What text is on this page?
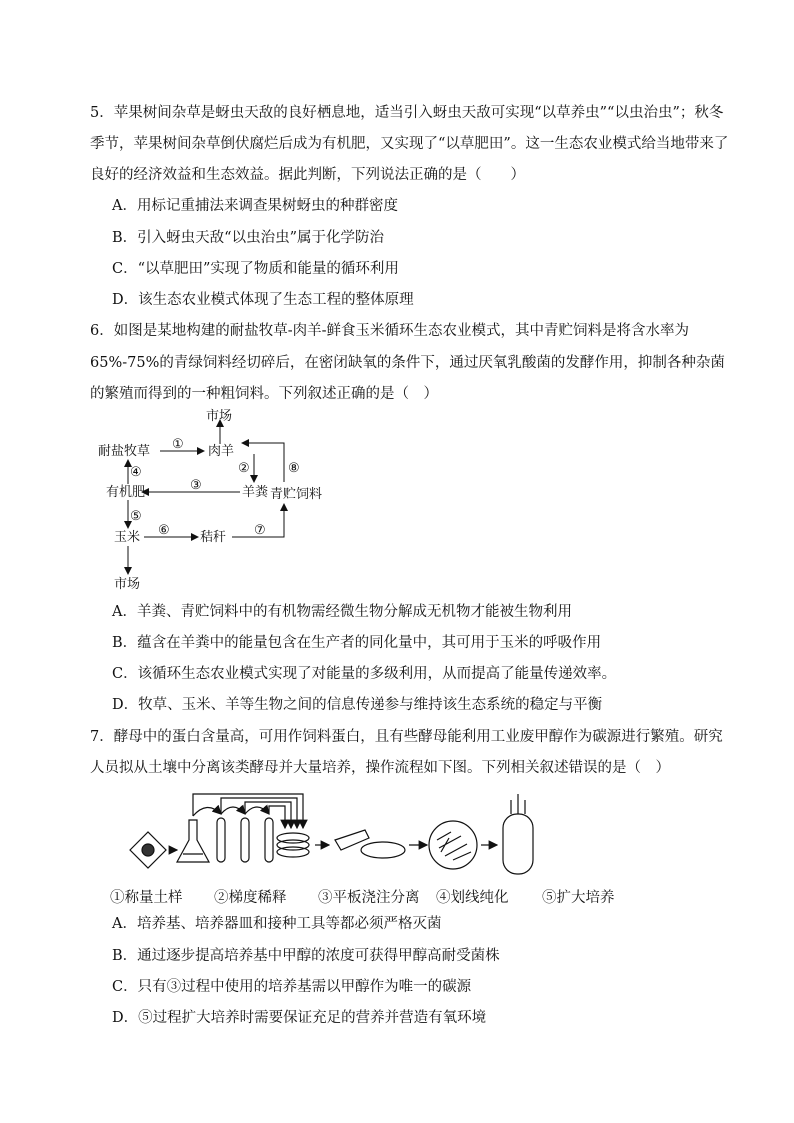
5．苹果树间杂草是蚜虫天敌的良好栖息地，适当引入蚜虫天敌可实现“以草养虫”“以虫治虫”；秋冬
季节，苹果树间杂草倒伏腐烂后成为有机肥，又实现了“以草肥田”。这一生态农业模式给当地带来了
良好的经济效益和生态效益。据此判断，下列说法正确的是（　　）
A．用标记重捕法来调查果树蚜虫的种群密度
B．引入蚜虫天敌“以虫治虫”属于化学防治
C．“以草肥田”实现了物质和能量的循环利用
D．该生态农业模式体现了生态工程的整体原理
6．如图是某地构建的耐盐牧草-肉羊-鲜食玉米循环生态农业模式，其中青贮饲料是将含水率为
65%-75%的青绿饲料经切碎后，在密闭缺氧的条件下，通过厌氧乳酸菌的发酵作用，抑制各种杂菌
的繁殖而得到的一种粗饲料。下列叙述正确的是（　）
市场
耐盐牧草	肉羊
有机肥	羊粪 青贮饲料
玉米	秸秆
市场
①
②
③
④
⑤
⑥	⑦
⑧
A．羊粪、青贮饲料中的有机物需经微生物分解成无机物才能被生物利用
B．蕴含在羊粪中的能量包含在生产者的同化量中，其可用于玉米的呼吸作用
C．该循环生态农业模式实现了对能量的多级利用，从而提高了能量传递效率。
D．牧草、玉米、羊等生物之间的信息传递参与维持该生态系统的稳定与平衡
7．酵母中的蛋白含量高，可用作饲料蛋白，且有些酵母能利用工业废甲醇作为碳源进行繁殖。研究
人员拟从土壤中分离该类酵母并大量培养，操作流程如下图。下列相关叙述错误的是（　）
①称量土样 ②梯度稀释 ③平板浇注分离 ④划线纯化 ⑤扩大培养
A．培养基、培养器皿和接种工具等都必须严格灭菌
B．通过逐步提高培养基中甲醇的浓度可获得甲醇高耐受菌株
C．只有③过程中使用的培养基需以甲醇作为唯一的碳源
D．⑤过程扩大培养时需要保证充足的营养并营造有氧环境
